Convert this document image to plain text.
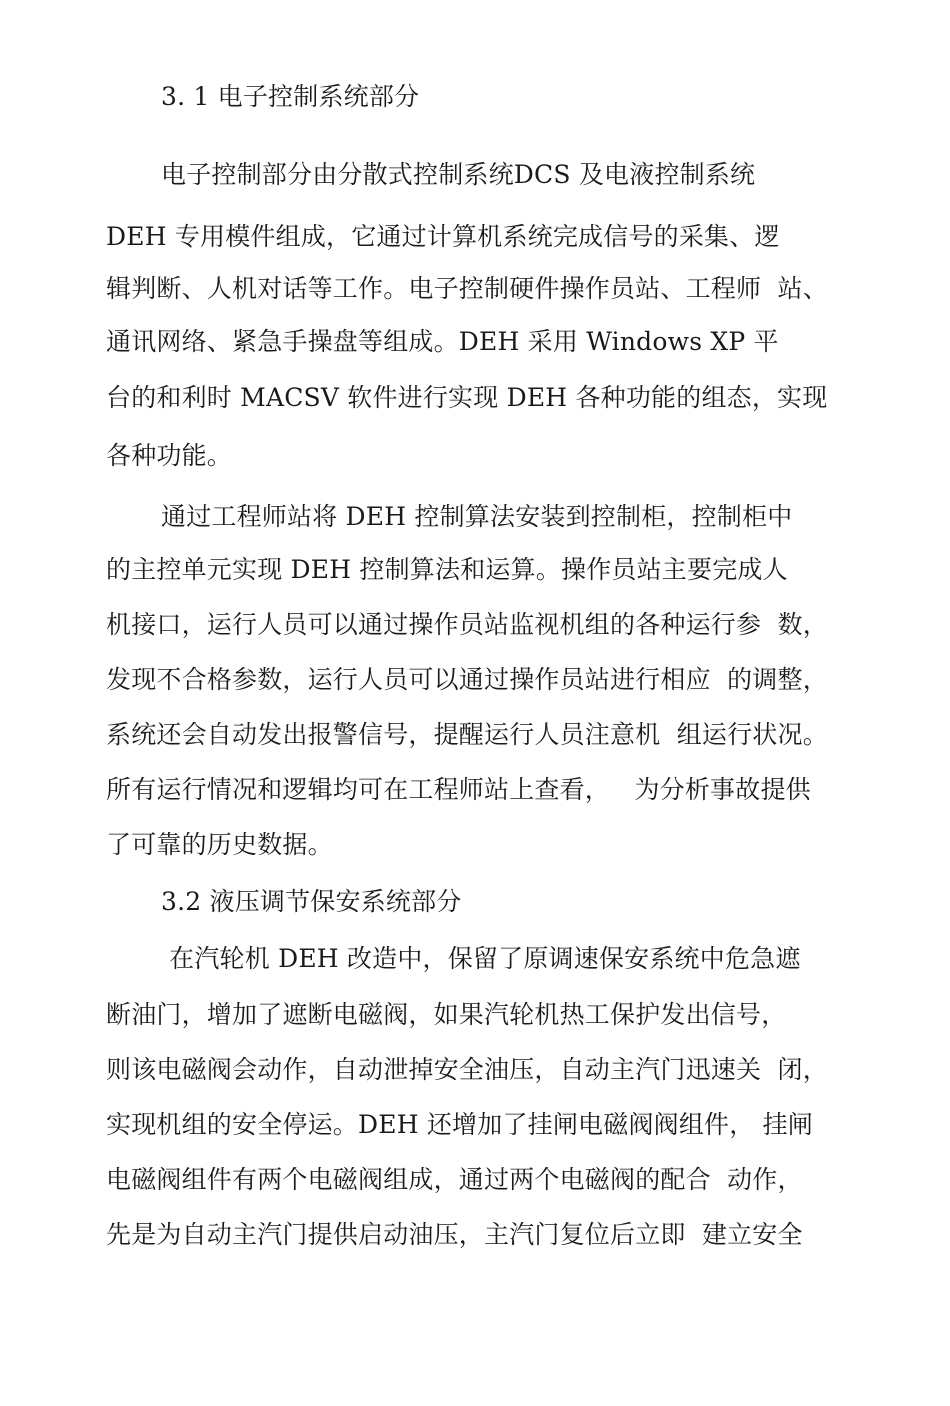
3. 1 电子控制系统部分
电子控制部分由分散式控制系统DCS 及电液控制系统
DEH 专用模件组成，它通过计算机系统完成信号的采集、逻
辑判断、人机对话等工作。电子控制硬件操作员站、工程师  站、
通讯网络、紧急手操盘等组成。DEH 采用 Windows XP 平
台的和利时 MACSV 软件进行实现 DEH 各种功能的组态，实现
各种功能。
通过工程师站将 DEH 控制算法安装到控制柜，控制柜中
的主控单元实现 DEH 控制算法和运算。操作员站主要完成人
机接口，运行人员可以通过操作员站监视机组的各种运行参  数，
发现不合格参数，运行人员可以通过操作员站进行相应  的调整，
系统还会自动发出报警信号，提醒运行人员注意机  组运行状况。
所有运行情况和逻辑均可在工程师站上查看，   为分析事故提供
了可靠的历史数据。
3.2 液压调节保安系统部分
在汽轮机 DEH 改造中，保留了原调速保安系统中危急遮
断油门，增加了遮断电磁阀，如果汽轮机热工保护发出信号，
则该电磁阀会动作，自动泄掉安全油压，自动主汽门迅速关  闭，
实现机组的安全停运。DEH 还增加了挂闸电磁阀阀组件， 挂闸
电磁阀组件有两个电磁阀组成，通过两个电磁阀的配合  动作，
先是为自动主汽门提供启动油压，主汽门复位后立即  建立安全
